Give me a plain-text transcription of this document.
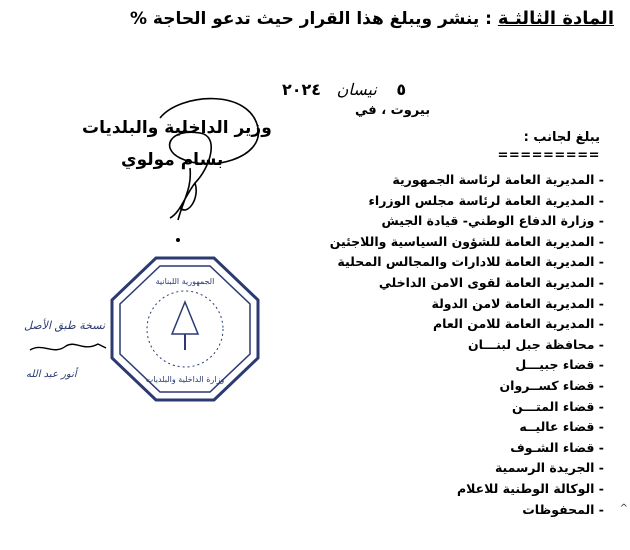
المادة الثالثـة : ينشر ويبلغ هذا القرار حيث تدعو الحاجة %
٥ نيسان ٢٠٢٤
بيروت ، في
وزير الداخلية والبلديات
بسام مولوي
الجمهورية اللبنانية
وزارة الداخلية والبلديات
نسخة طبق الأصل
أنور عبد الله
يبلغ لجانب :
=========
- المديرية العامة لرئاسة الجمهورية
- المديرية العامة لرئاسة مجلس الوزراء
- وزارة الدفاع الوطني- قيادة الجيش
- المديرية العامة للشؤون السياسية واللاجئين
- المديرية العامة للادارات والمجالس المحلية
- المديرية العامة لقوى الامن الداخلي
- المديرية العامة لامن الدولة
- المديرية العامة للامن العام
- محافظة جبل لبنـــان
- قضاء جبيـــل
- قضاء كســروان
- قضاء المتـــن
- قضاء عاليــه
- قضاء الشـوف
- الجريدة الرسمية
- الوكالة الوطنية للاعلام
- المحفوظات ^
